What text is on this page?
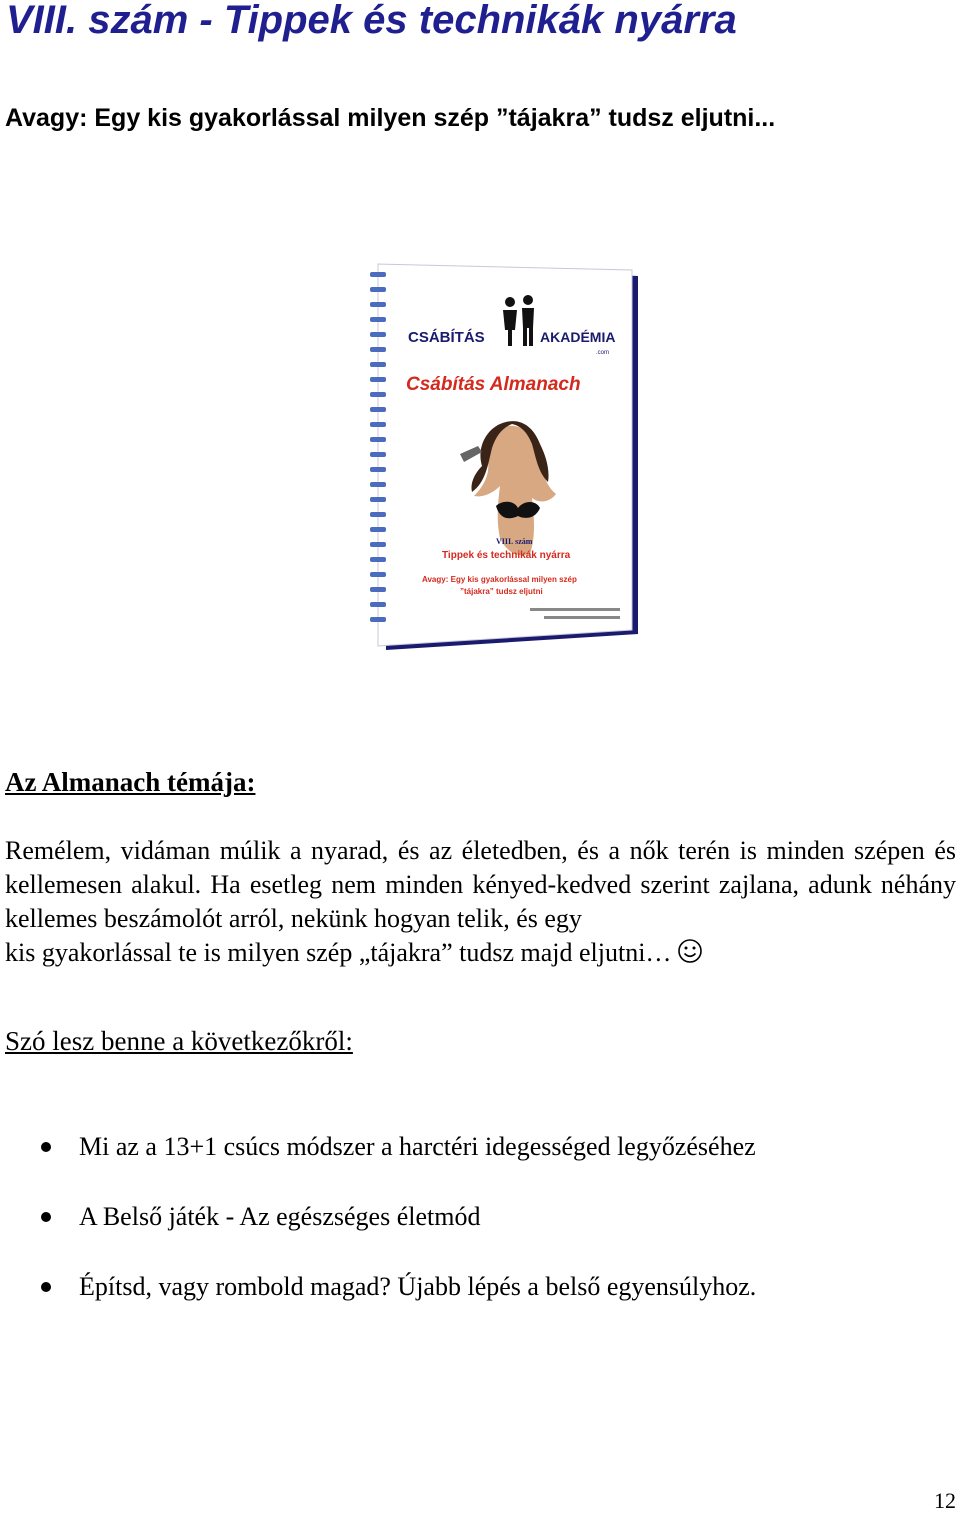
VIII. szám - Tippek és technikák nyárra

Avagy: Egy kis gyakorlással milyen szép ”tájakra” tudsz eljutni...

CSÁBÍTÁS	AKADÉMIA
.com
Csábítás Almanach
VIII. szám
Tippek és technikák nyárra
Avagy: Egy kis gyakorlással milyen szép
”tájakra” tudsz eljutni
Az Almanach témája:
Remélem, vidáman múlik a nyarad, és az életedben, és a nők terén is minden szépen és kellemesen alakul. Ha esetleg nem minden kényed-kedved szerint zajlana, adunk néhány kellemes beszámolót arról, nekünk hogyan telik, és egy
kis gyakorlással te is milyen szép „tájakra” tudsz majd eljutni…
Szó lesz benne a következőkről:
Mi az a 13+1 csúcs módszer a harctéri idegességed legyőzéséhez
A Belső játék - Az egészséges életmód
Építsd, vagy rombold magad? Újabb lépés a belső egyensúlyhoz.
12
